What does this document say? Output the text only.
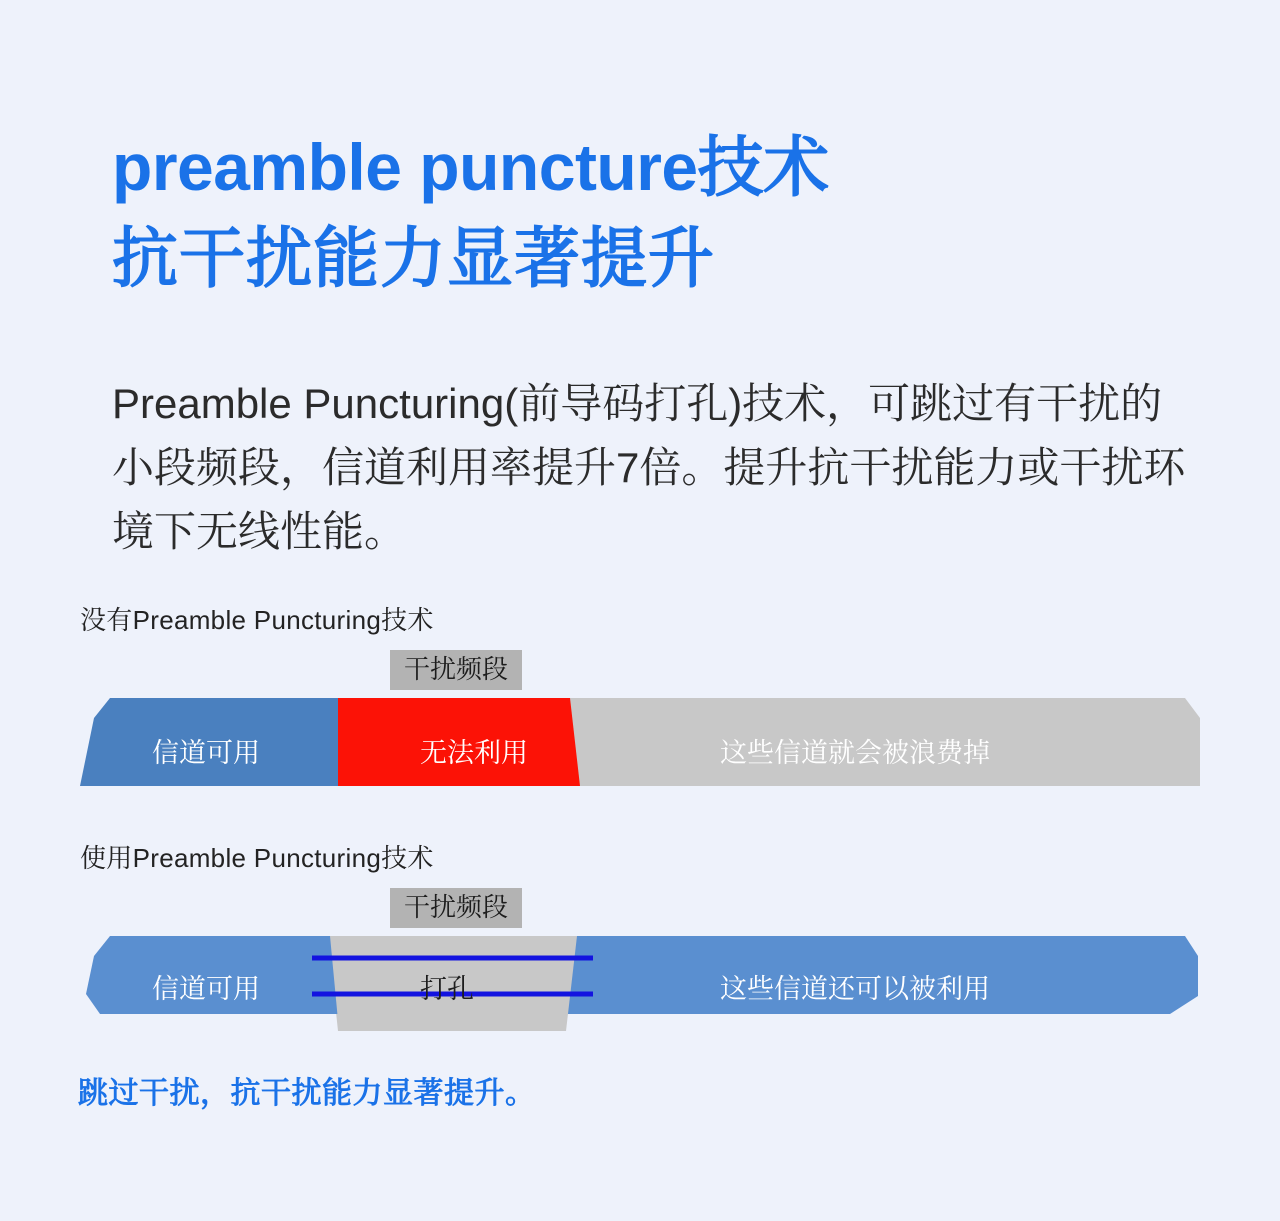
preamble puncture技术
抗干扰能力显著提升

Preamble Puncturing(前导码打孔)技术，可跳过有干扰的小段频段，信道利用率提升7倍。提升抗干扰能力或干扰环境下无线性能。

没有Preamble Puncturing技术
干扰频段
信道可用	无法利用	这些信道就会被浪费掉
使用Preamble Puncturing技术
干扰频段
信道可用	打孔	这些信道还可以被利用
跳过干扰，抗干扰能力显著提升。
